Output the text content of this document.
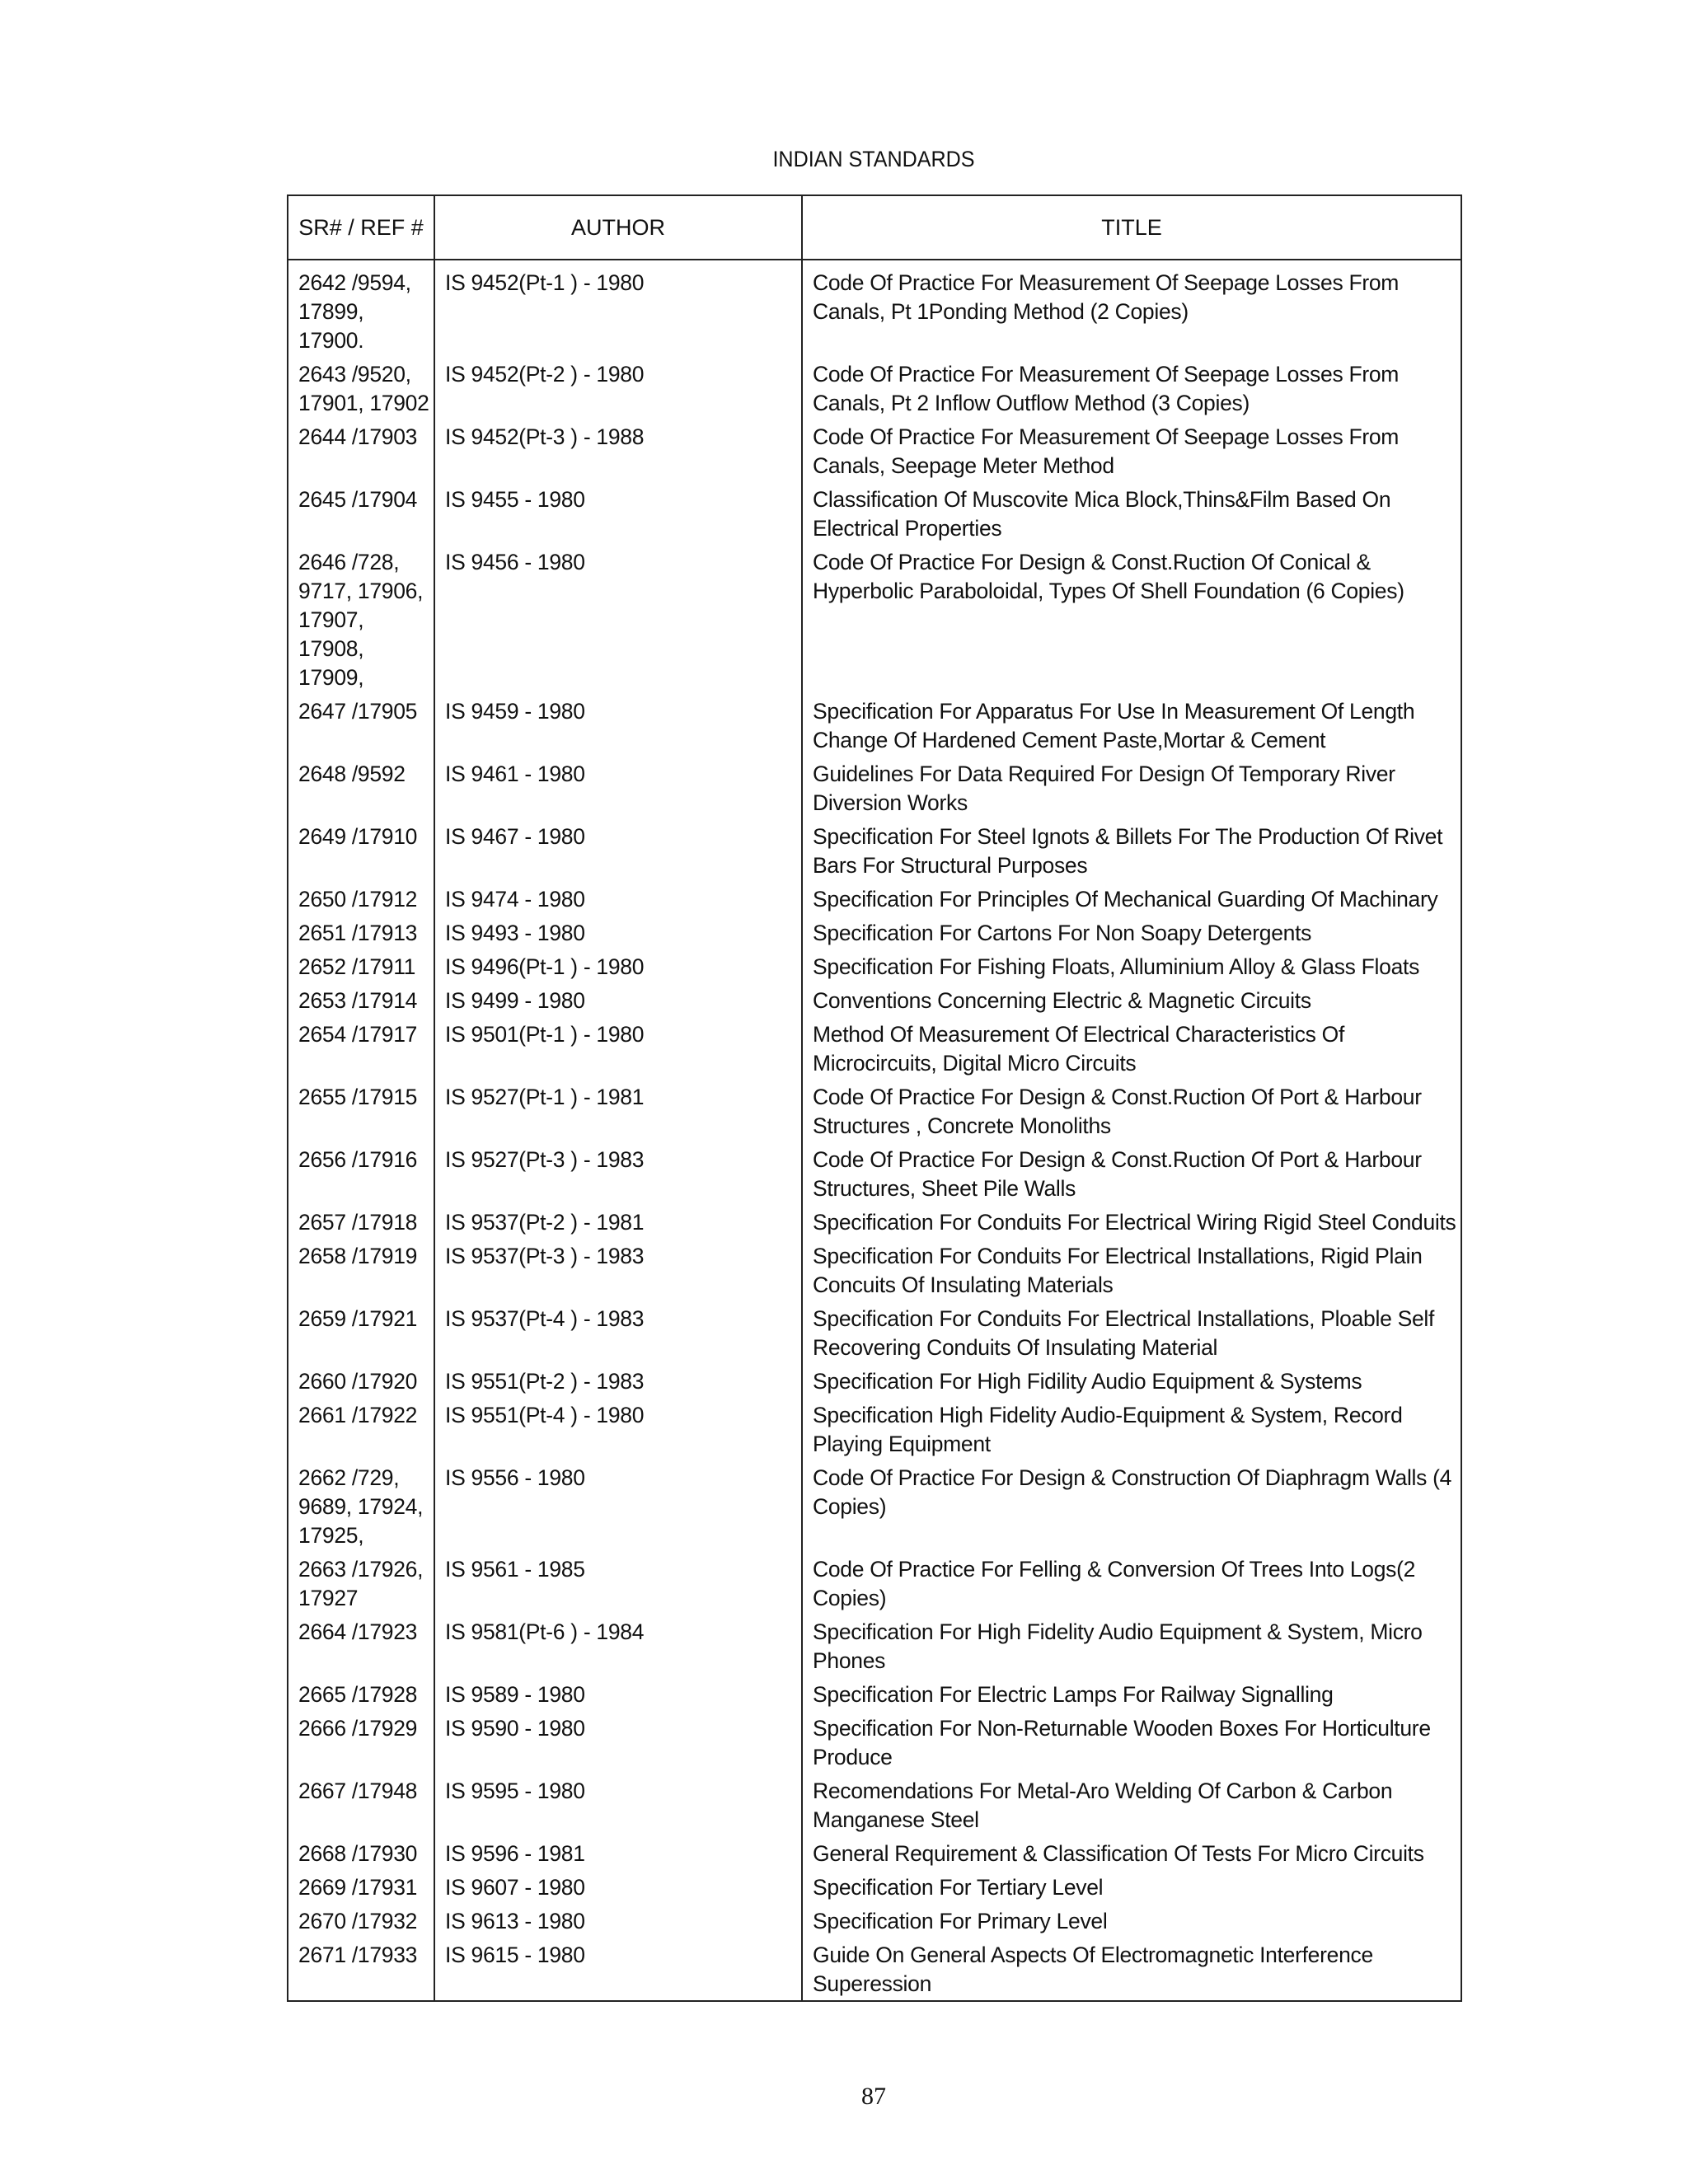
INDIAN STANDARDS
SR# / REF #	AUTHOR	TITLE
2642 /9594,
17899,
17900.	IS 9452(Pt-1 ) - 1980	Code Of Practice For Measurement Of Seepage Losses From
Canals, Pt 1Ponding Method (2 Copies)
2643 /9520,
17901, 17902	IS 9452(Pt-2 ) - 1980	Code Of Practice For Measurement Of Seepage Losses From
Canals, Pt 2 Inflow Outflow Method (3 Copies)
2644 /17903	IS 9452(Pt-3 ) - 1988	Code Of Practice For Measurement Of Seepage Losses From
Canals, Seepage Meter Method
2645 /17904	IS 9455 - 1980	Classification Of Muscovite Mica Block,Thins&Film Based On
Electrical Properties
2646 /728,
9717, 17906,
17907,
17908,
17909,	IS 9456 - 1980	Code Of Practice For Design & Const.Ruction Of Conical &
Hyperbolic Paraboloidal, Types Of Shell Foundation (6 Copies)
2647 /17905	IS 9459 - 1980	Specification For Apparatus For Use In Measurement Of Length
Change Of Hardened Cement Paste,Mortar & Cement
2648 /9592	IS 9461 - 1980	Guidelines For Data Required For Design Of Temporary River
Diversion Works
2649 /17910	IS 9467 - 1980	Specification For Steel Ignots & Billets For The Production Of Rivet
Bars For Structural Purposes
2650 /17912	IS 9474 - 1980	Specification For Principles Of Mechanical Guarding Of Machinary
2651 /17913	IS 9493 - 1980	Specification For Cartons For Non Soapy Detergents
2652 /17911	IS 9496(Pt-1 ) - 1980	Specification For Fishing Floats, Alluminium Alloy & Glass Floats
2653 /17914	IS 9499 - 1980	Conventions Concerning Electric & Magnetic Circuits
2654 /17917	IS 9501(Pt-1 ) - 1980	Method Of Measurement Of Electrical Characteristics Of
Microcircuits, Digital Micro Circuits
2655 /17915	IS 9527(Pt-1 ) - 1981	Code Of Practice For Design & Const.Ruction Of Port & Harbour
Structures , Concrete Monoliths
2656 /17916	IS 9527(Pt-3 ) - 1983	Code Of Practice For Design & Const.Ruction Of Port & Harbour
Structures, Sheet Pile Walls
2657 /17918	IS 9537(Pt-2 ) - 1981	Specification For Conduits For Electrical Wiring Rigid Steel Conduits
2658 /17919	IS 9537(Pt-3 ) - 1983	Specification For Conduits For Electrical Installations, Rigid Plain
Concuits Of Insulating Materials
2659 /17921	IS 9537(Pt-4 ) - 1983	Specification For Conduits For Electrical Installations, Ploable Self
Recovering Conduits Of Insulating Material
2660 /17920	IS 9551(Pt-2 ) - 1983	Specification For High Fidility Audio Equipment & Systems
2661 /17922	IS 9551(Pt-4 ) - 1980	Specification High Fidelity Audio-Equipment & System, Record
Playing Equipment
2662 /729,
9689, 17924,
17925,	IS 9556 - 1980	Code Of Practice For Design & Construction Of Diaphragm Walls (4
Copies)
2663 /17926,
17927	IS 9561 - 1985	Code Of Practice For Felling & Conversion Of Trees Into Logs(2
Copies)
2664 /17923	IS 9581(Pt-6 ) - 1984	Specification For High Fidelity Audio Equipment & System, Micro
Phones
2665 /17928	IS 9589 - 1980	Specification For Electric Lamps For Railway Signalling
2666 /17929	IS 9590 - 1980	Specification For Non-Returnable Wooden Boxes For Horticulture
Produce
2667 /17948	IS 9595 - 1980	Recomendations For Metal-Aro Welding Of Carbon & Carbon
Manganese Steel
2668 /17930	IS 9596 - 1981	General Requirement & Classification Of Tests For Micro Circuits
2669 /17931	IS 9607 - 1980	Specification For Tertiary Level
2670 /17932	IS 9613 - 1980	Specification For Primary Level
2671 /17933	IS 9615 - 1980	Guide On General Aspects Of Electromagnetic Interference
Superession
87
